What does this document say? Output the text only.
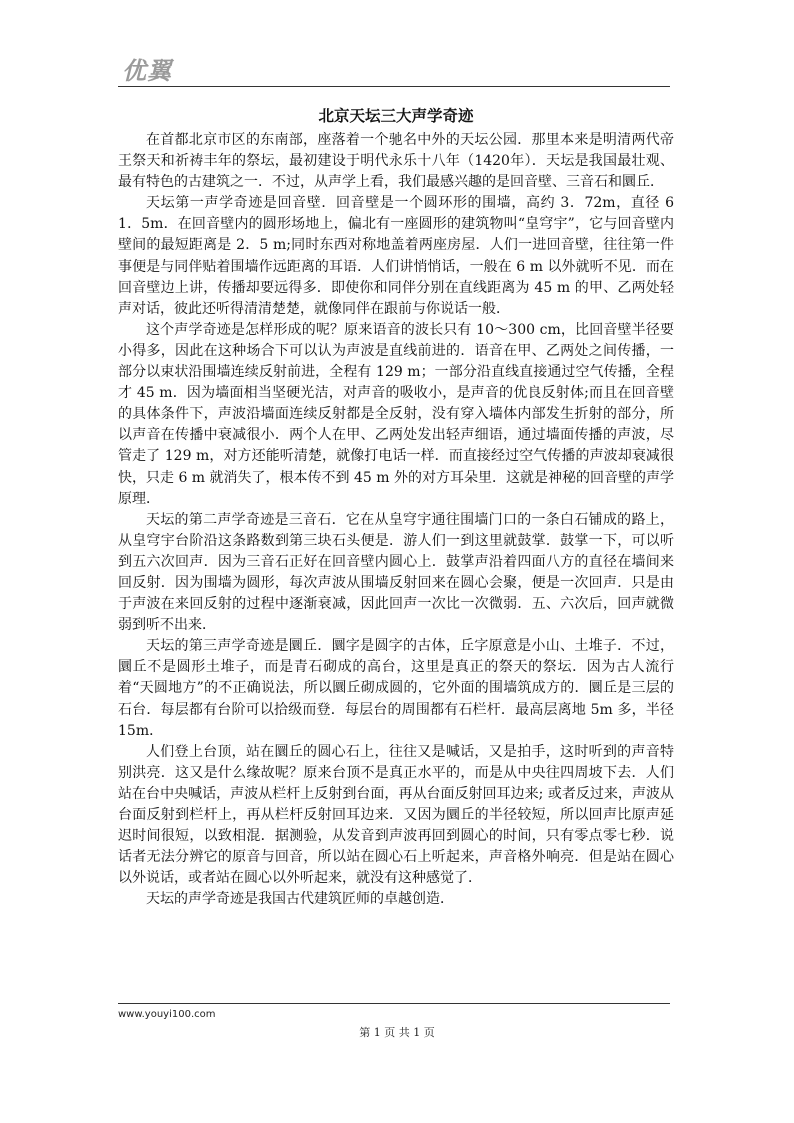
优翼
北京天坛三大声学奇迹

在首都北京市区的东南部，座落着一个驰名中外的天坛公园．那里本来是明清两代帝王祭天和祈祷丰年的祭坛，最初建设于明代永乐十八年（1420年）．天坛是我国最壮观、最有特色的古建筑之一．不过，从声学上看，我们最感兴趣的是回音壁、三音石和圜丘．

天坛第一声学奇迹是回音壁．回音壁是一个圆环形的围墙，高约 3．72m，直径 61．5m．在回音壁内的圆形场地上，偏北有一座圆形的建筑物叫“皇穹宇”，它与回音壁内壁间的最短距离是 2．5 m;同时东西对称地盖着两座房屋．人们一进回音壁，往往第一件事便是与同伴贴着围墙作远距离的耳语．人们讲悄悄话，一般在 6 m 以外就听不见．而在回音壁边上讲，传播却要远得多．即使你和同伴分别在直线距离为 45 m 的甲、乙两处轻声对话，彼此还听得清清楚楚，就像同伴在跟前与你说话一般．

这个声学奇迹是怎样形成的呢？原来语音的波长只有 10～300 cm，比回音壁半径要小得多，因此在这种场合下可以认为声波是直线前进的．语音在甲、乙两处之间传播，一部分以束状沿围墙连续反射前进，全程有 129 m；一部分沿直线直接通过空气传播，全程才 45 m．因为墙面相当坚硬光洁，对声音的吸收小，是声音的优良反射体;而且在回音壁的具体条件下，声波沿墙面连续反射都是全反射，没有穿入墙体内部发生折射的部分，所以声音在传播中衰减很小．两个人在甲、乙两处发出轻声细语，通过墙面传播的声波，尽管走了 129 m，对方还能听清楚，就像打电话一样．而直接经过空气传播的声波却衰减很快，只走 6 m 就消失了，根本传不到 45 m 外的对方耳朵里．这就是神秘的回音壁的声学原理．

天坛的第二声学奇迹是三音石．它在从皇穹宇通往围墙门口的一条白石铺成的路上，从皇穹宇台阶沿这条路数到第三块石头便是．游人们一到这里就鼓掌．鼓掌一下，可以听到五六次回声．因为三音石正好在回音壁内圆心上．鼓掌声沿着四面八方的直径在墙间来回反射．因为围墙为圆形，每次声波从围墙反射回来在圆心会聚，便是一次回声．只是由于声波在来回反射的过程中逐渐衰减，因此回声一次比一次微弱．五、六次后，回声就微弱到听不出来．

天坛的第三声学奇迹是圜丘．圜字是圆字的古体，丘字原意是小山、土堆子．不过，圜丘不是圆形土堆子，而是青石砌成的高台，这里是真正的祭天的祭坛．因为古人流行着“天圆地方”的不正确说法，所以圜丘砌成圆的，它外面的围墙筑成方的．圜丘是三层的石台．每层都有台阶可以拾级而登．每层台的周围都有石栏杆．最高层离地 5m 多，半径 15m．

人们登上台顶，站在圜丘的圆心石上，往往又是喊话，又是拍手，这时听到的声音特别洪亮．这又是什么缘故呢？原来台顶不是真正水平的，而是从中央往四周坡下去．人们站在台中央喊话，声波从栏杆上反射到台面，再从台面反射回耳边来; 或者反过来，声波从台面反射到栏杆上，再从栏杆反射回耳边来．又因为圜丘的半径较短，所以回声比原声延迟时间很短，以致相混．据测验，从发音到声波再回到圆心的时间，只有零点零七秒．说话者无法分辨它的原音与回音，所以站在圆心石上听起来，声音格外响亮．但是站在圆心以外说话，或者站在圆心以外听起来，就没有这种感觉了．

天坛的声学奇迹是我国古代建筑匠师的卓越创造．

www.youyi100.com
第 1 页 共 1 页
